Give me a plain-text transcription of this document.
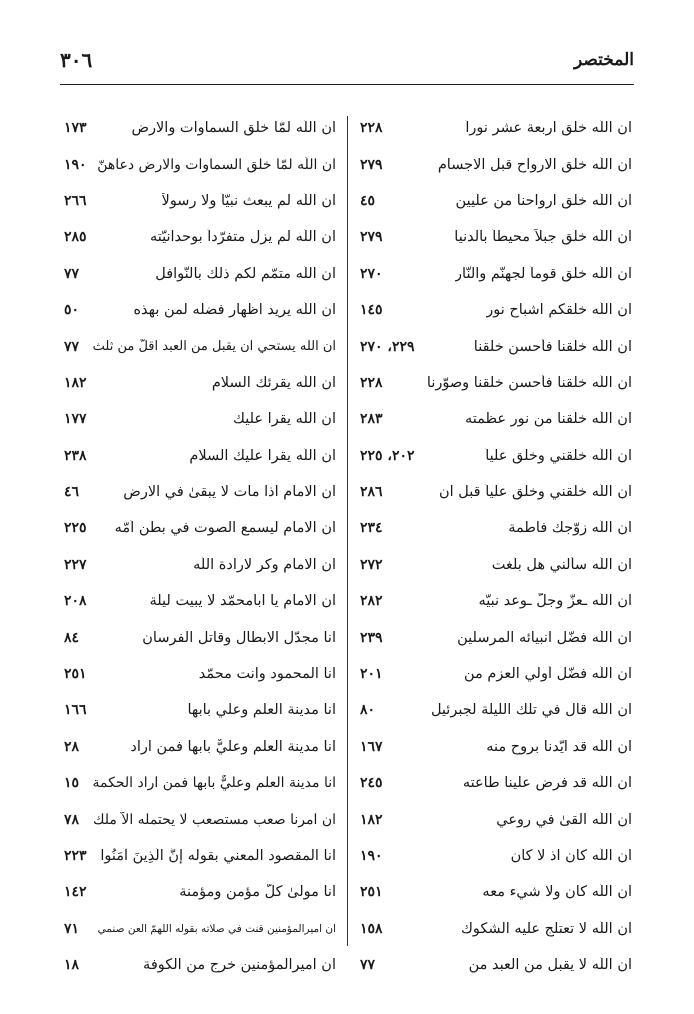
٣٠٦	المختصر
ان اللّه خلق اربعة عشر نوراً
٢٢٨
ان اللّه خلق الارواح قبل الاجسام
٢٧٩
ان اللّه خلق ارواحنا من علّيين
٤٥
ان اللّه خلق جبلاً محيطاً بالدنيا
٢٧٩
ان اللّه خلق قوماً لجهنّم والنّار
٢٧٠
ان اللّه خلقكم اشباح نور
١٤٥
ان اللّه خلقنا فأحسن خلقنا
٢٢٩، ٢٧٠
ان اللّه خلقنا فأحسن خلقنا وصوّرنا
٢٢٨
ان اللّه خلقنا من نور عظمته
٢٨٣
ان اللّه خلقني وخلق علياً
٢٠٢، ٢٢٥
ان اللّه خلقني وخلق علياً قبل ان
٢٨٦
ان اللّه زوّجك فاطمة
٢٣٤
ان اللّه سألني هل بلّغت
٢٧٢
ان اللّه ـعزّ وجلّ ـوعد نبيّه
٢٨٢
ان اللّه فضّل انبيائه المرسلين
٢٣٩
ان اللّه فضّل أولي العزم من
٢٠١
ان اللّه قال في تلك الليلة لجبرئيل
٨٠
ان اللّه قد ايّدنا بروح منه
١٦٧
ان اللّه قد فرض علينا طاعته
٢٤٥
ان اللّه القىٰ في روعي
١٨٢
ان اللّه كان اذ لا كان
١٩٠
ان اللّه كان ولا شيء معه
٢٥١
ان اللّه لا تعتلج عليه الشكوك
١٥٨
ان اللّه لا يقبل من العبد من
٧٧
ان اللّه لمّا خلق السماوات والارض
١٧٣
ان اللّه لمّا خلق السماوات والارض دعاهنّ
١٩٠
ان اللّه لم يبعث نبيّاً ولا رسولاً
٢٦٦
ان اللّه لم يزل متفرّداً بوحدانيّته
٢٨٥
ان اللّه متمّم لكم ذلك بالنّوافل
٧٧
ان اللّه يريد اظهار فضله لمن بهذه
٥٠
ان اللّه يستحي ان يقبل من العبد اقلّ من ثلث
٧٧
ان اللّه يقرئك السلام
١٨٢
ان اللّه يقرا عليك
١٧٧
ان اللّه يقرا عليك السلام
٢٣٨
ان الامام اذا مات لا يبقىٰ في الارض
٤٦
ان الامام ليسمع الصوت في بطن اُمّه
٢٢٥
ان الامام وكر لارادة اللّه
٢٢٧
ان الامام يا ابامحمّد لا يبيت ليلة
٢٠٨
انا مجدّل الابطال وقاتل الفرسان
٨٤
انا المحمود وانت محمّد
٢٥١
انا مدينة العلم وعلي بابها
١٦٦
انا مدينة العلم وعليٌّ بابها فمن اراد
٢٨
انا مدينة العلم وعليٌّ بابها فمن اراد الحكمة
١٥
ان امرنا صعب مستصعب لا يحتمله الاّ ملك
٧٨
انا المقصود المعني بقوله إِنَّ الَّذِينَ آمَنُوا
٢٢٣
انا مولىٰ كلّ مؤمن ومؤمنة
١٤٢
ان اميرالمؤمنين قنت في صلاته بقوله اللّهمّ العن صنمي
٧١
ان اميرالمؤمنين خرج من الكوفة
١٨
